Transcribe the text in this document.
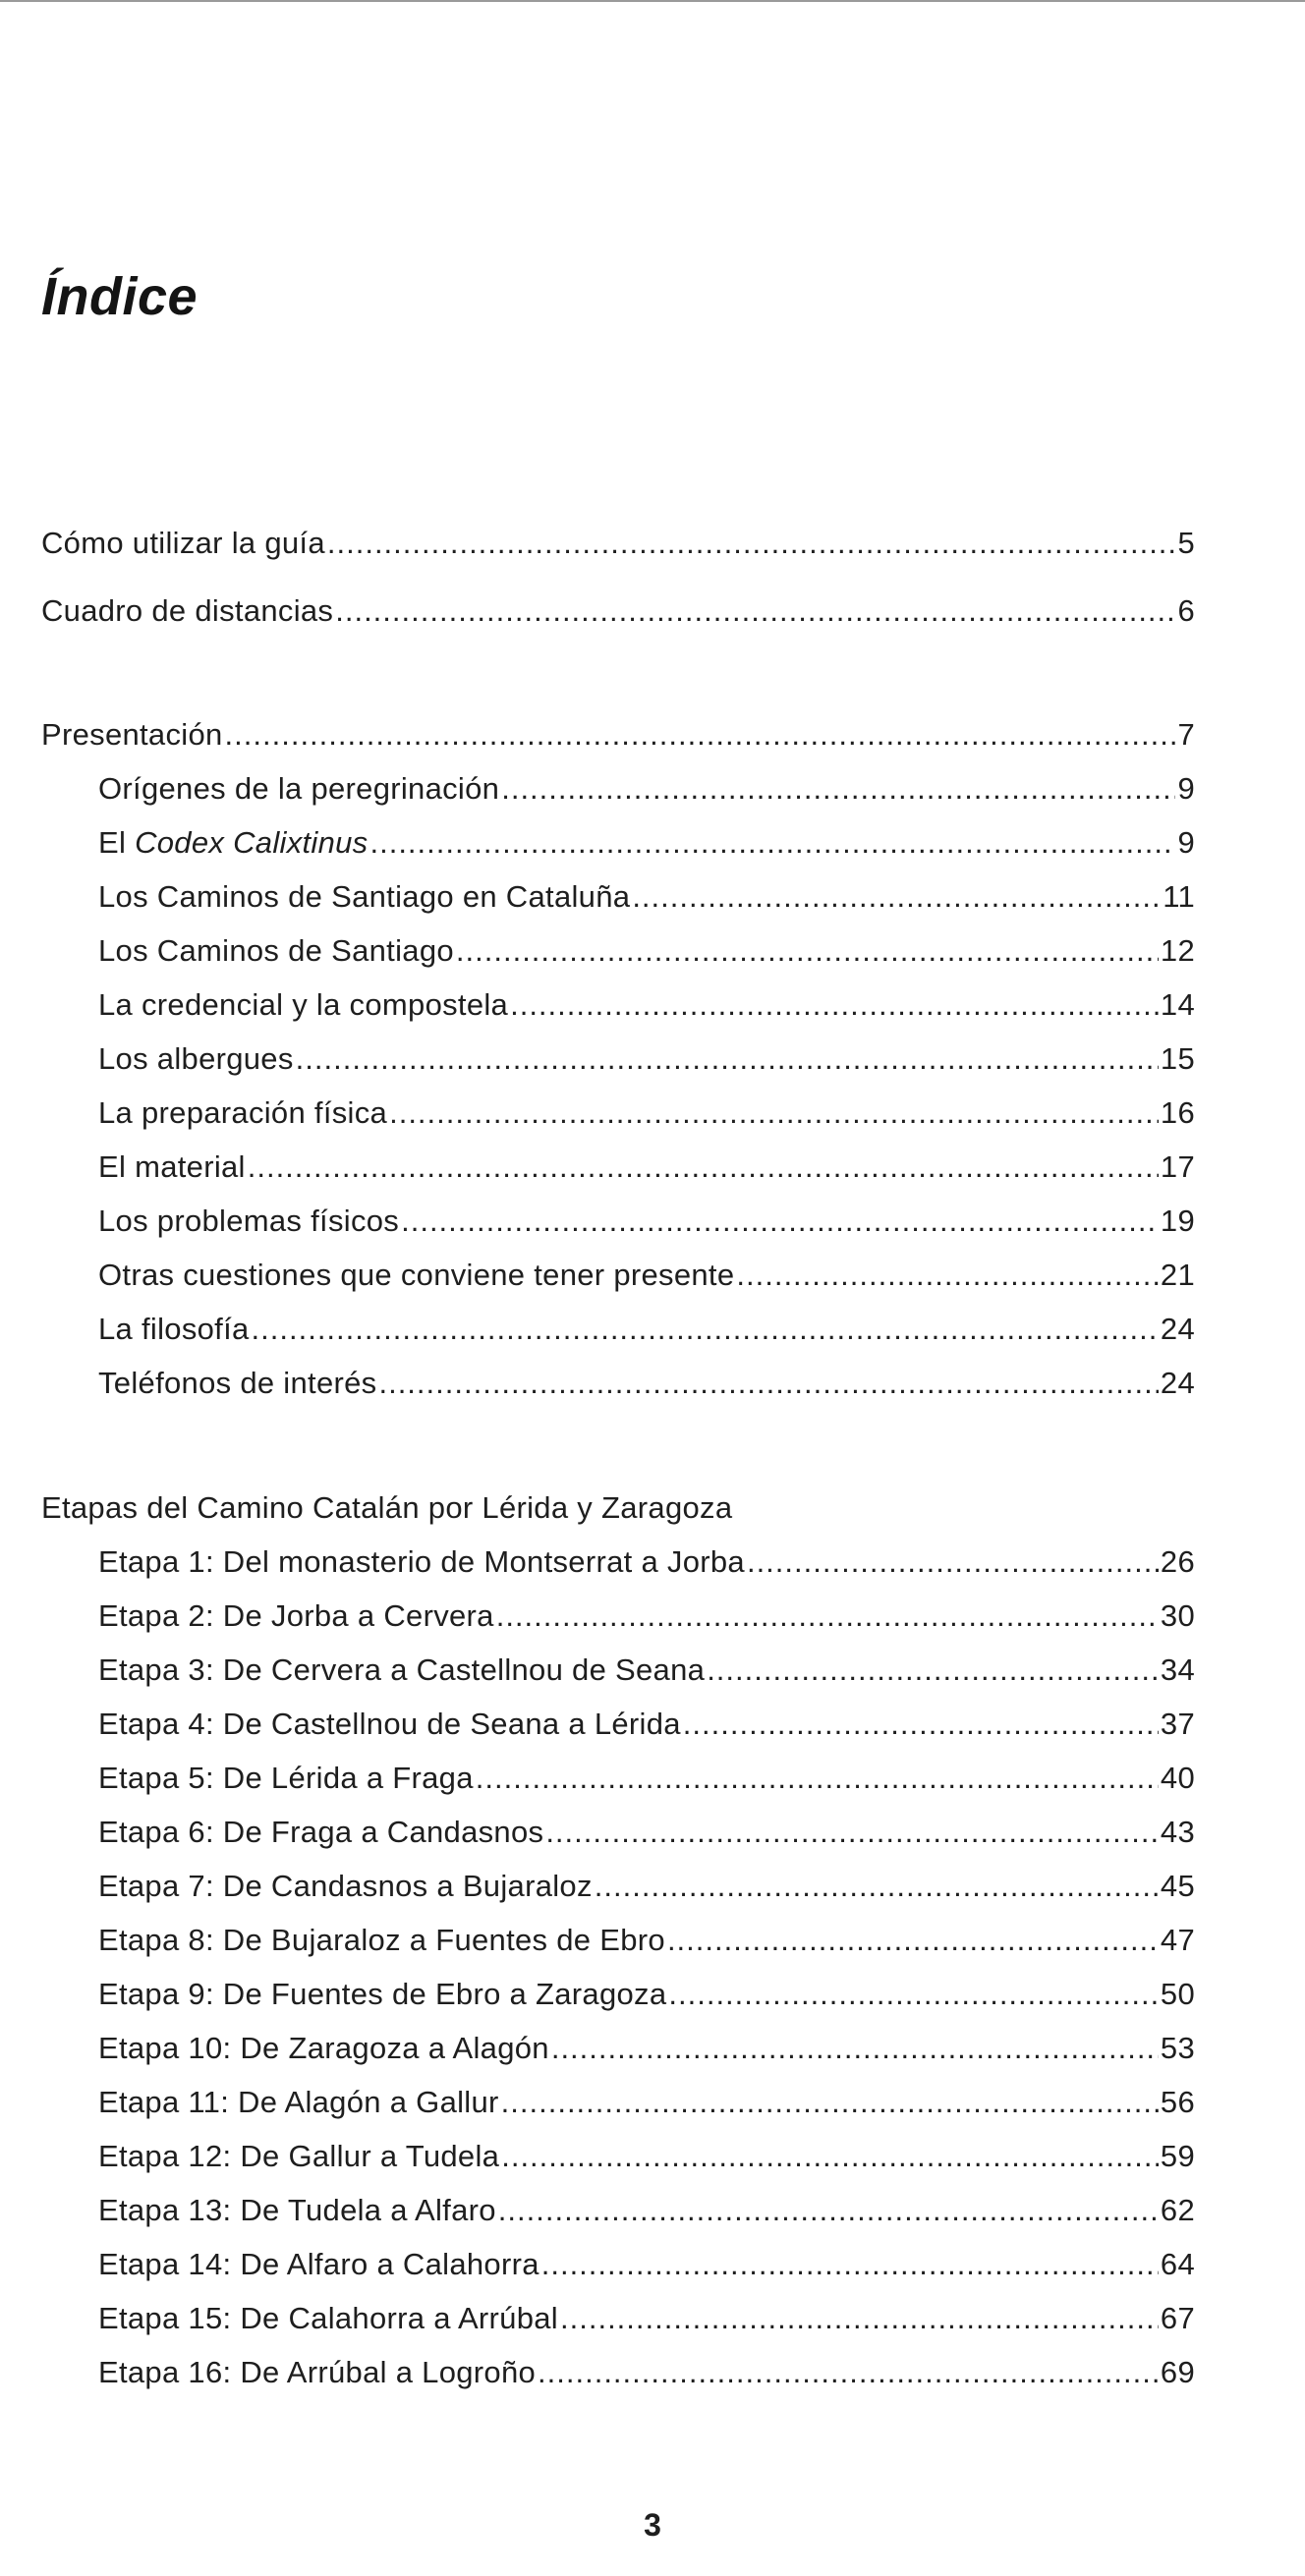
Índice
Cómo utilizar la guía .....	5
Cuadro de distancias .....	6
Presentación .....	7
Orígenes de la peregrinación .....	9
El Codex Calixtinus .....	9
Los Caminos de Santiago en Cataluña .....	11
Los Caminos de Santiago .....	12
La credencial y la compostela .....	14
Los albergues .....	15
La preparación física .....	16
El material .....	17
Los problemas físicos .....	19
Otras cuestiones que conviene tener presente .....	21
La filosofía .....	24
Teléfonos de interés .....	24
Etapas del Camino Catalán por Lérida y Zaragoza
Etapa 1: Del monasterio de Montserrat a Jorba .....	26
Etapa 2: De Jorba a Cervera .....	30
Etapa 3: De Cervera a Castellnou de Seana .....	34
Etapa 4: De Castellnou de Seana a Lérida .....	37
Etapa 5: De Lérida a Fraga .....	40
Etapa 6: De Fraga a Candasnos .....	43
Etapa 7: De Candasnos a Bujaraloz .....	45
Etapa 8: De Bujaraloz a Fuentes de Ebro .....	47
Etapa 9: De Fuentes de Ebro a Zaragoza .....	50
Etapa 10: De Zaragoza a Alagón .....	53
Etapa 11: De Alagón a Gallur .....	56
Etapa 12: De Gallur a Tudela .....	59
Etapa 13: De Tudela a Alfaro .....	62
Etapa 14: De Alfaro a Calahorra .....	64
Etapa 15: De Calahorra a Arrúbal .....	67
Etapa 16: De Arrúbal a Logroño .....	69
3
